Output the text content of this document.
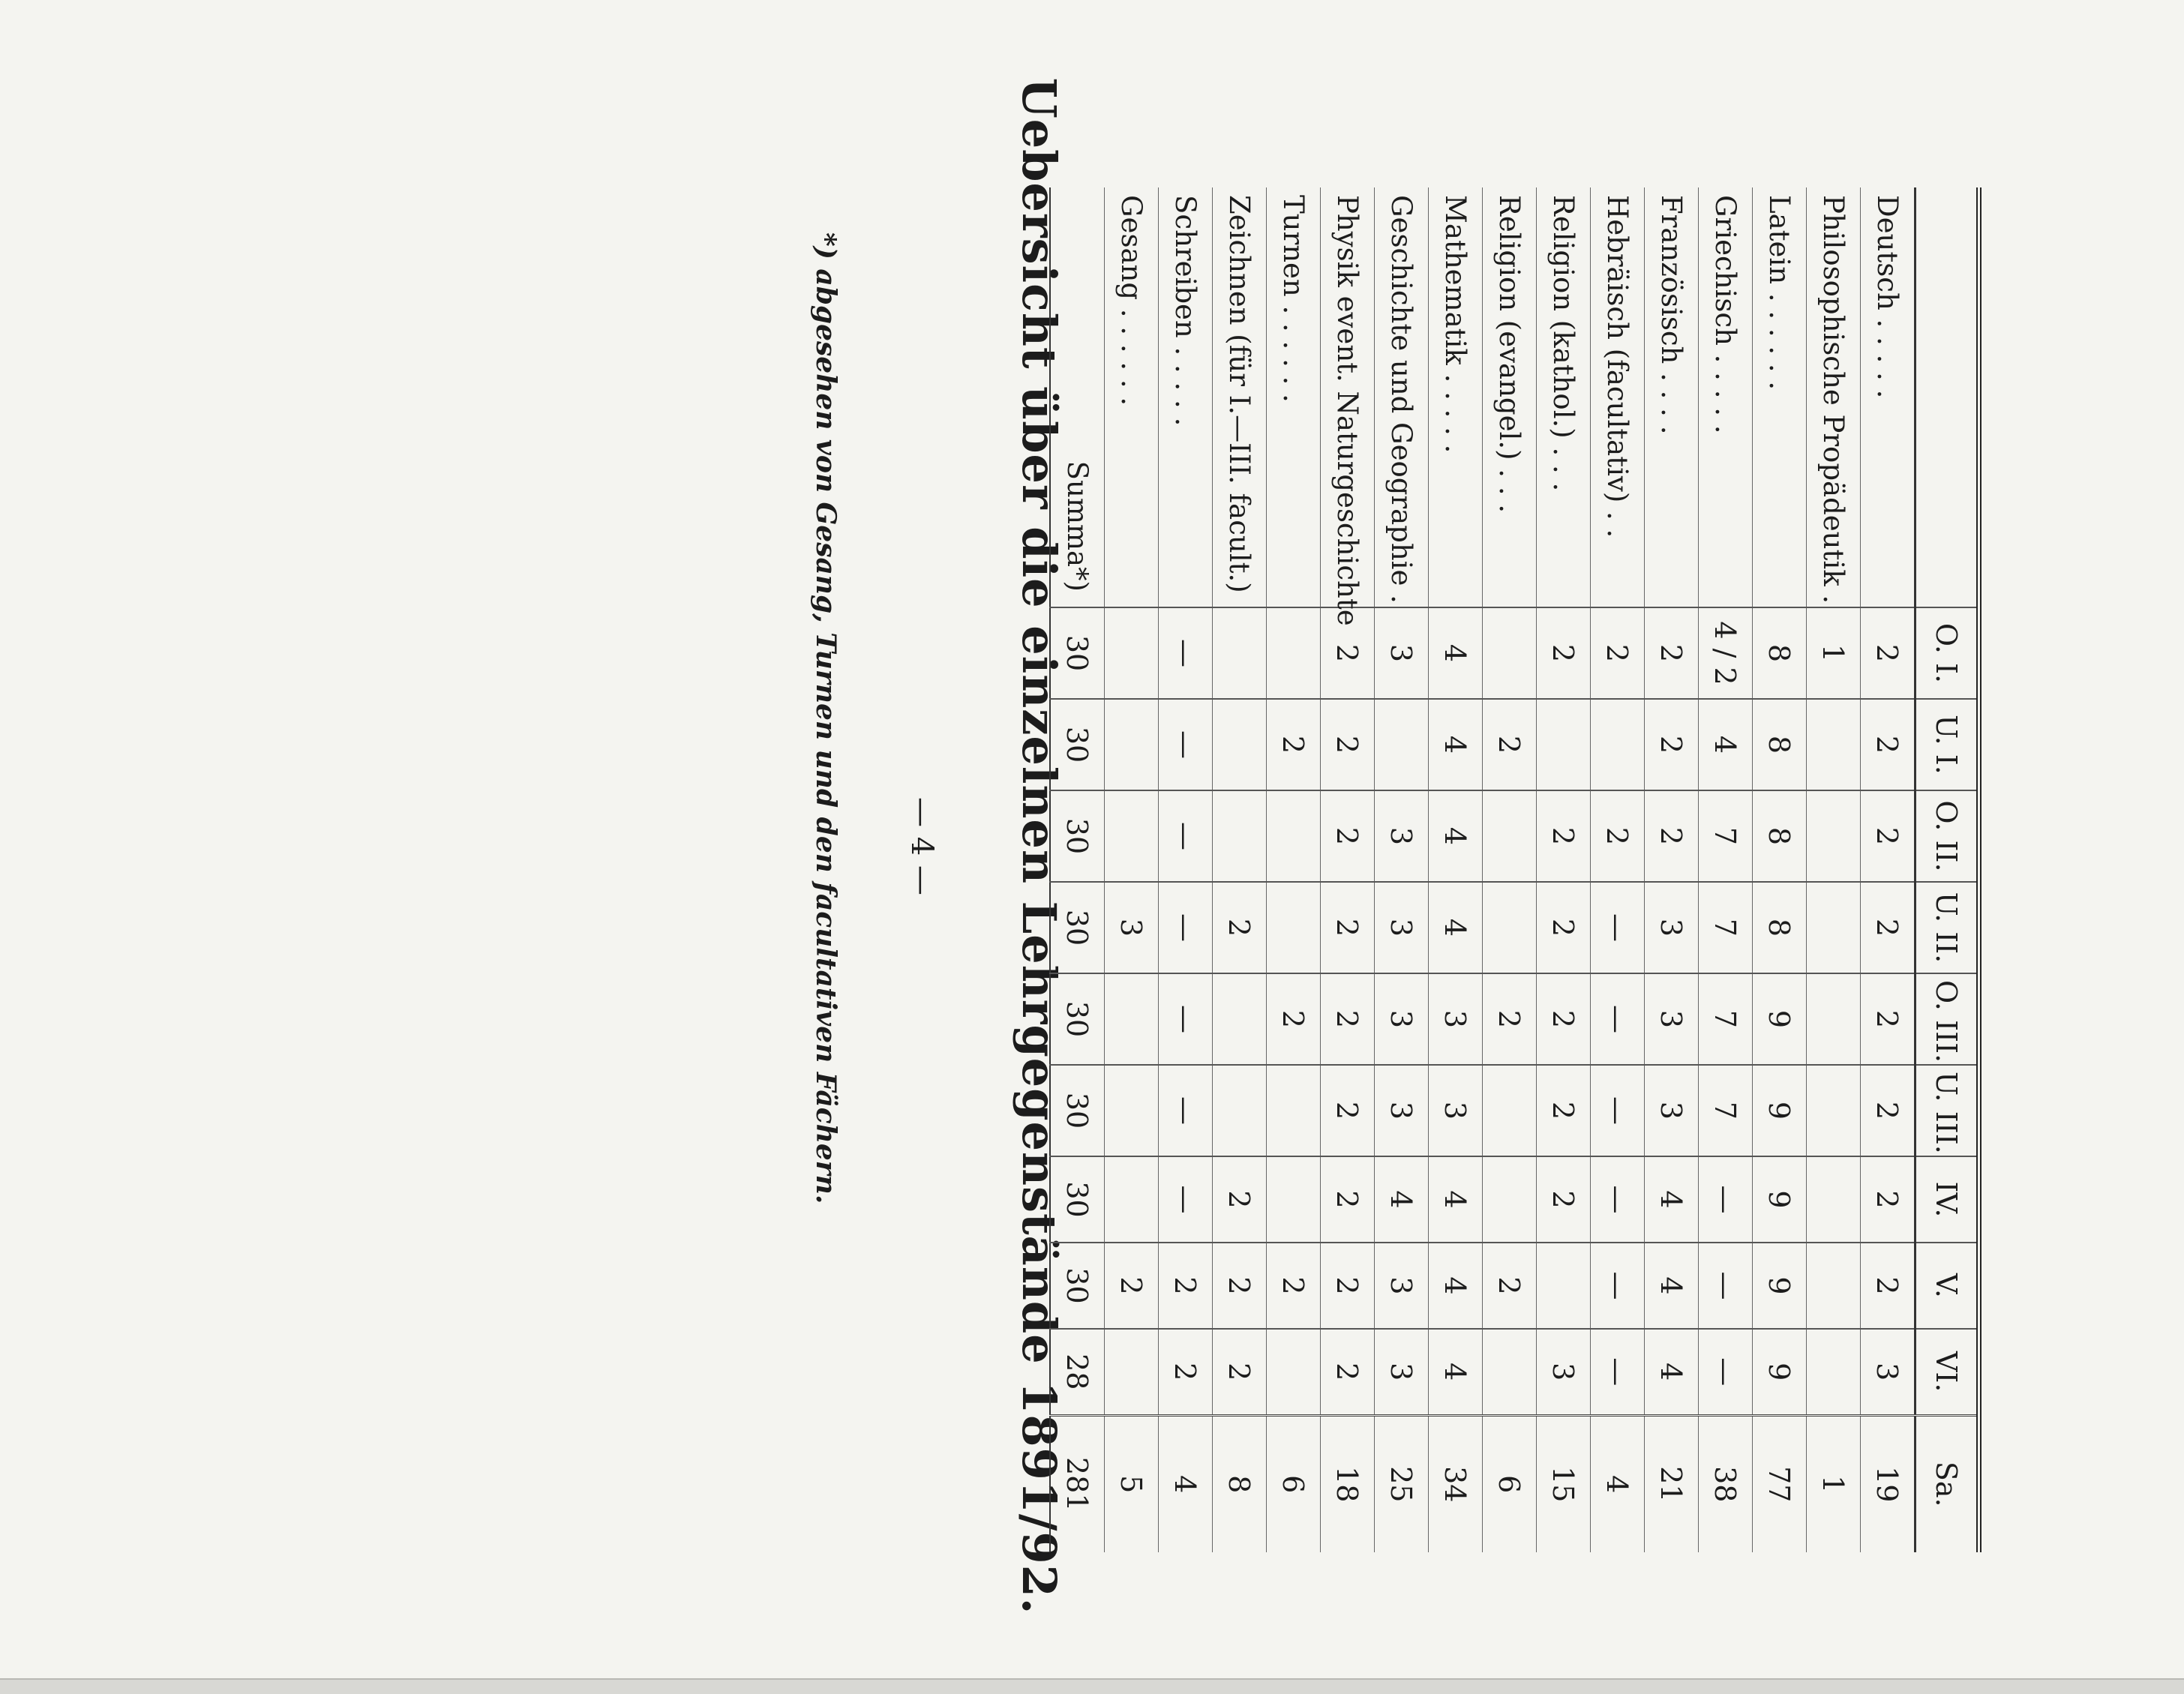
— 4 — Uebersicht über die einzelnen Lehrgegenstände 1891/92.
		O. I.	U. I.	O. II.	U. II.	O. III.	U. III.	IV.	V.	VI.	Sa.
Deutsch . . . . .	2	2	2	2	2	2	2	2	3	19
Philosophische Propädeutik .	1									1
Latein . . . . . .	8	8	8	8	9	9	9	9	9	77
Griechisch . . . . .	4 / 2	4	7	7	7	7	—	—	—	38
Französisch . . . .	2	2	2	3	3	3	4	4	4	21
Hebräisch (facultativ) . .	2		2	—	—	—	—	—	—	4
Religion (kathol.) . . .	2		2	2	2	2	2		3	15
Religion (evangel.) . . .		2			2			2		6
Mathematik . . . . .	4	4	4	4	3	3	4	4	4	34
Geschichte und Geographie .	3		3	3	3	3	4	3	3	25
Physik event. Naturgeschichte	2	2	2	2	2	2	2	2	2	18
Turnen . . . . . .		2			2			2		6
Zeichnen (für I.—III. facult.)				2			2	2	2	8
Schreiben . . . . .	—	—	—	—	—	—	—	2	2	4
Gesang . . . . . .				3				2		5
Summa*)	30	30	30	30	30	30	30	30	28	281
*) abgesehen von Gesang, Turnen und den facultativen Fächern.
